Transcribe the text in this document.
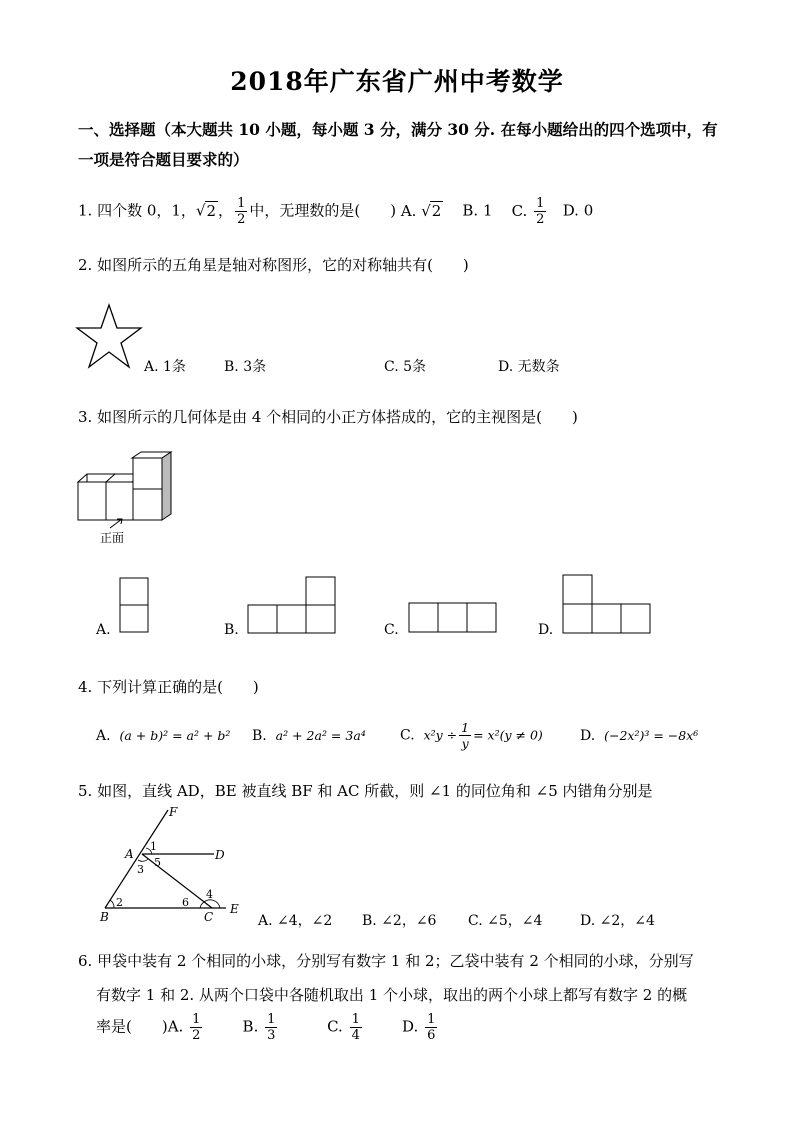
2018年广东省广州中考数学
一、选择题（本大题共 10 小题，每小题 3 分，满分 30 分. 在每小题给出的四个选项中，有
一项是符合题目要求的）
1. 四个数 0，1，√2 ， $\frac{1}{2}$ 中，无理数的是(　　) A. √2 B. 1 C. $\frac{1}{2} D$. 0
2. 如图所示的五角星是轴对称图形，它的对称轴共有(　　)
A. 1条	B. 3条	C. 5条	D. 无数条
3. 如图所示的几何体是由 4 个相同的小正方体搭成的，它的主视图是(　　)
正面
A.	B.	C.	D.
4. 下列计算正确的是(　　)
A. (a + b)² = a² + b² B. a² + 2a² = 3a⁴ C. $x^2y \div \frac{1}{y} = x^2(y \ne 0)$	D. (−2x²)³ = −8x⁶
5. 如图，直线 AD，BE 被直线 BF 和 AC 所截，则 ∠1 的同位角和 ∠5 内错角分别是
F
A	D
B	C
E
1
2
3
4
5
6
A. ∠4，∠2 B. ∠2，∠6 C. ∠5，∠4	D. ∠2，∠4
6. 甲袋中装有 2 个相同的小球，分别写有数字 1 和 2；乙袋中装有 2 个相同的小球，分别写
有数字 1 和 2. 从两个口袋中各随机取出 1 个小球，取出的两个小球上都写有数字 2 的概
率是(　　)A. $\frac{1}{2}$	B. $\frac{1}{3}$	C. $\frac{1}{4}$	D. $\frac{1}{6}$
